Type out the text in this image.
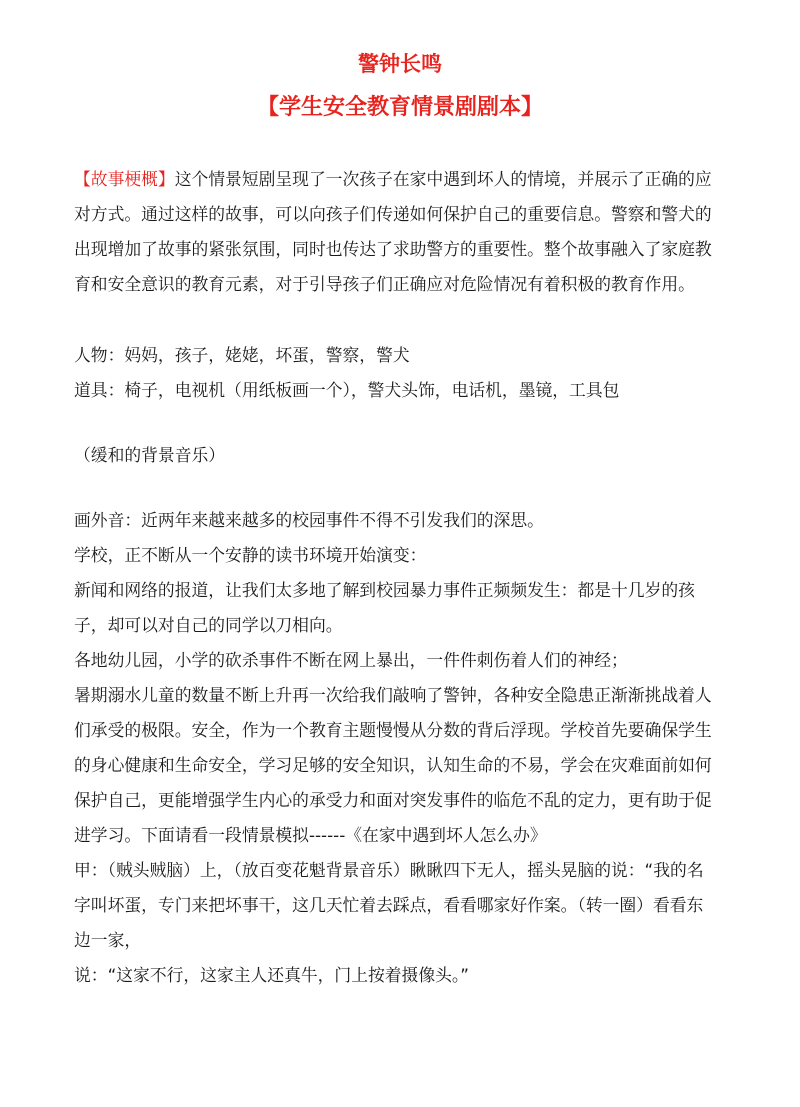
警钟长鸣
【学生安全教育情景剧剧本】

【故事梗概】这个情景短剧呈现了一次孩子在家中遇到坏人的情境，并展示了正确的应对方式。通过这样的故事，可以向孩子们传递如何保护自己的重要信息。警察和警犬的出现增加了故事的紧张氛围，同时也传达了求助警方的重要性。整个故事融入了家庭教育和安全意识的教育元素，对于引导孩子们正确应对危险情况有着积极的教育作用。

人物：妈妈，孩子，姥姥，坏蛋，警察，警犬

道具：椅子，电视机（用纸板画一个），警犬头饰，电话机，墨镜，工具包

（缓和的背景音乐）

画外音：近两年来越来越多的校园事件不得不引发我们的深思。

学校，正不断从一个安静的读书环境开始演变：

新闻和网络的报道，让我们太多地了解到校园暴力事件正频频发生：都是十几岁的孩子，却可以对自己的同学以刀相向。

各地幼儿园，小学的砍杀事件不断在网上暴出，一件件刺伤着人们的神经；

暑期溺水儿童的数量不断上升再一次给我们敲响了警钟，各种安全隐患正渐渐挑战着人们承受的极限。安全，作为一个教育主题慢慢从分数的背后浮现。学校首先要确保学生的身心健康和生命安全，学习足够的安全知识，认知生命的不易，学会在灾难面前如何保护自己，更能增强学生内心的承受力和面对突发事件的临危不乱的定力，更有助于促进学习。下面请看一段情景模拟------《在家中遇到坏人怎么办》

甲：（贼头贼脑）上，（放百变花魁背景音乐）瞅瞅四下无人，摇头晃脑的说：“我的名字叫坏蛋，专门来把坏事干，这几天忙着去踩点，看看哪家好作案。（转一圈）看看东边一家，

说：“这家不行，这家主人还真牛，门上按着摄像头。”
